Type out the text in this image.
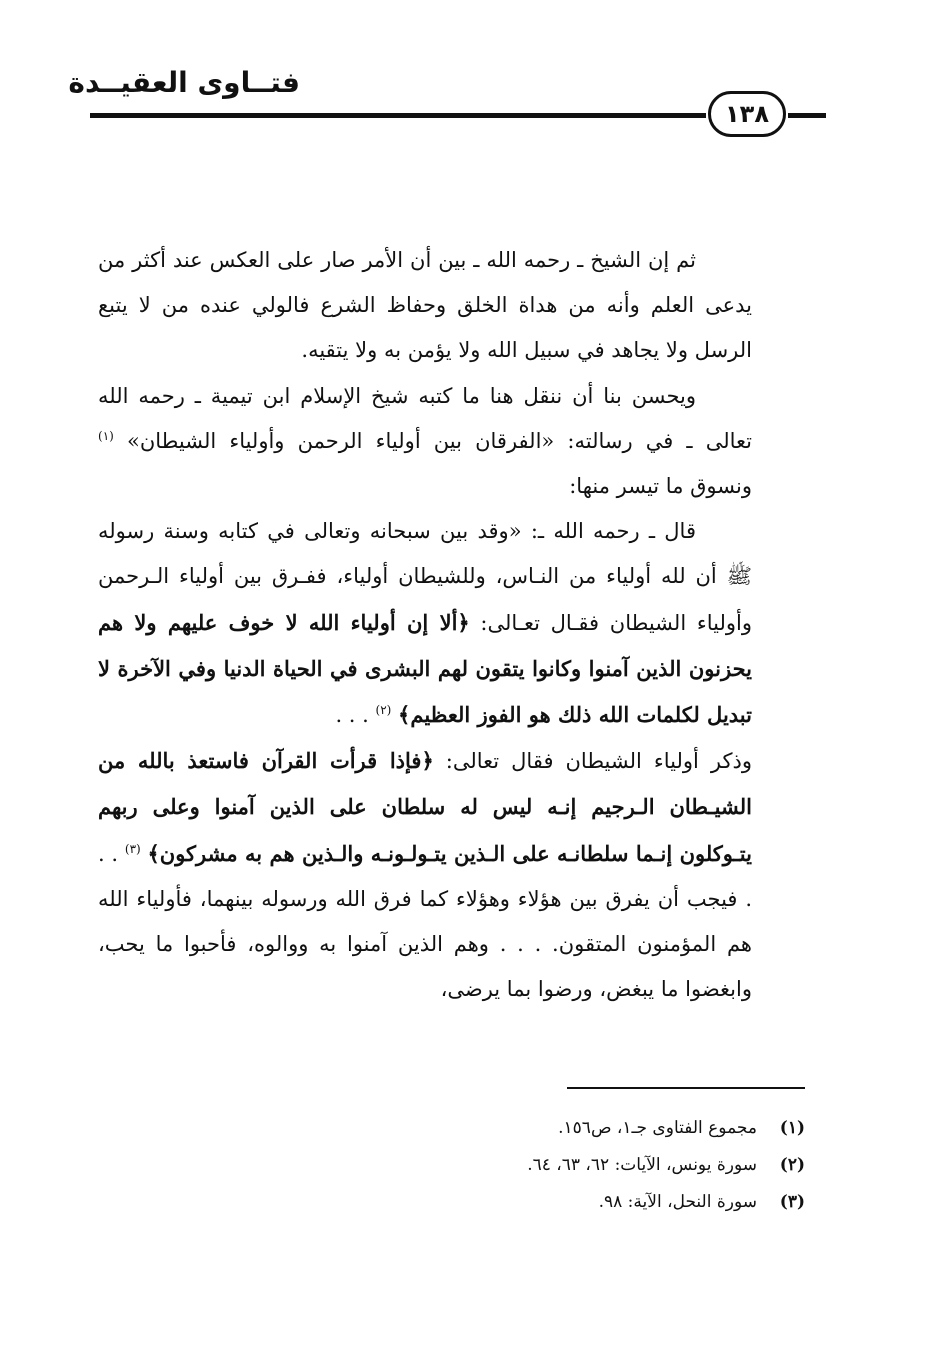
فتــاوى العقيــدة
١٣٨

ثم إن الشيخ ـ رحمه الله ـ بين أن الأمر صار على العكس عند أكثر من يدعى العلم وأنه من هداة الخلق وحفاظ الشرع فالولي عنده من لا يتبع الرسل ولا يجاهد في سبيل الله ولا يؤمن به ولا يتقيه.

ويحسن بنا أن ننقل هنا ما كتبه شيخ الإسلام ابن تيمية ـ رحمه الله تعالى ـ في رسالته: «الفرقان بين أولياء الرحمن وأولياء الشيطان» $^{(١)}$ ونسوق ما تيسر منها:

قال ـ رحمه الله ـ: «وقد بين سبحانه وتعالى في كتابه وسنة رسوله ﷺ أن لله أولياء من النـاس، وللشيطان أولياء، ففـرق بين أولياء الـرحمن وأولياء الشيطان فقـال تعـالى: ﴿ألا إن أولياء الله لا خوف عليهم ولا هم يحزنون الذين آمنوا وكانوا يتقون لهم البشرى في الحياة الدنيا وفي الآخرة لا تبديل لكلمات الله ذلك هو الفوز العظيم﴾ $^{(٢)}$ . . .

وذكر أولياء الشيطان فقال تعالى: ﴿فإذا قرأت القرآن فاستعذ بالله من الشيـطان الـرجيم إنـه ليس له سلطان على الذين آمنوا وعلى ربهم يتـوكلون إنـما سلطانـه على الـذين يتـولـونـه والـذين هم به مشركون﴾ $^{(٣)}$ . . . فيجب أن يفرق بين هؤلاء وهؤلاء كما فرق الله ورسوله بينهما، فأولياء الله هم المؤمنون المتقون. . . . وهم الذين آمنوا به ووالوه، فأحبوا ما يحب، وابغضوا ما يبغض، ورضوا بما يرضى،

(١)مجموع الفتاوى جـ١، ص١٥٦.
(٢)سورة يونس، الآيات: ٦٢، ٦٣، ٦٤.
(٣)سورة النحل، الآية: ٩٨.
